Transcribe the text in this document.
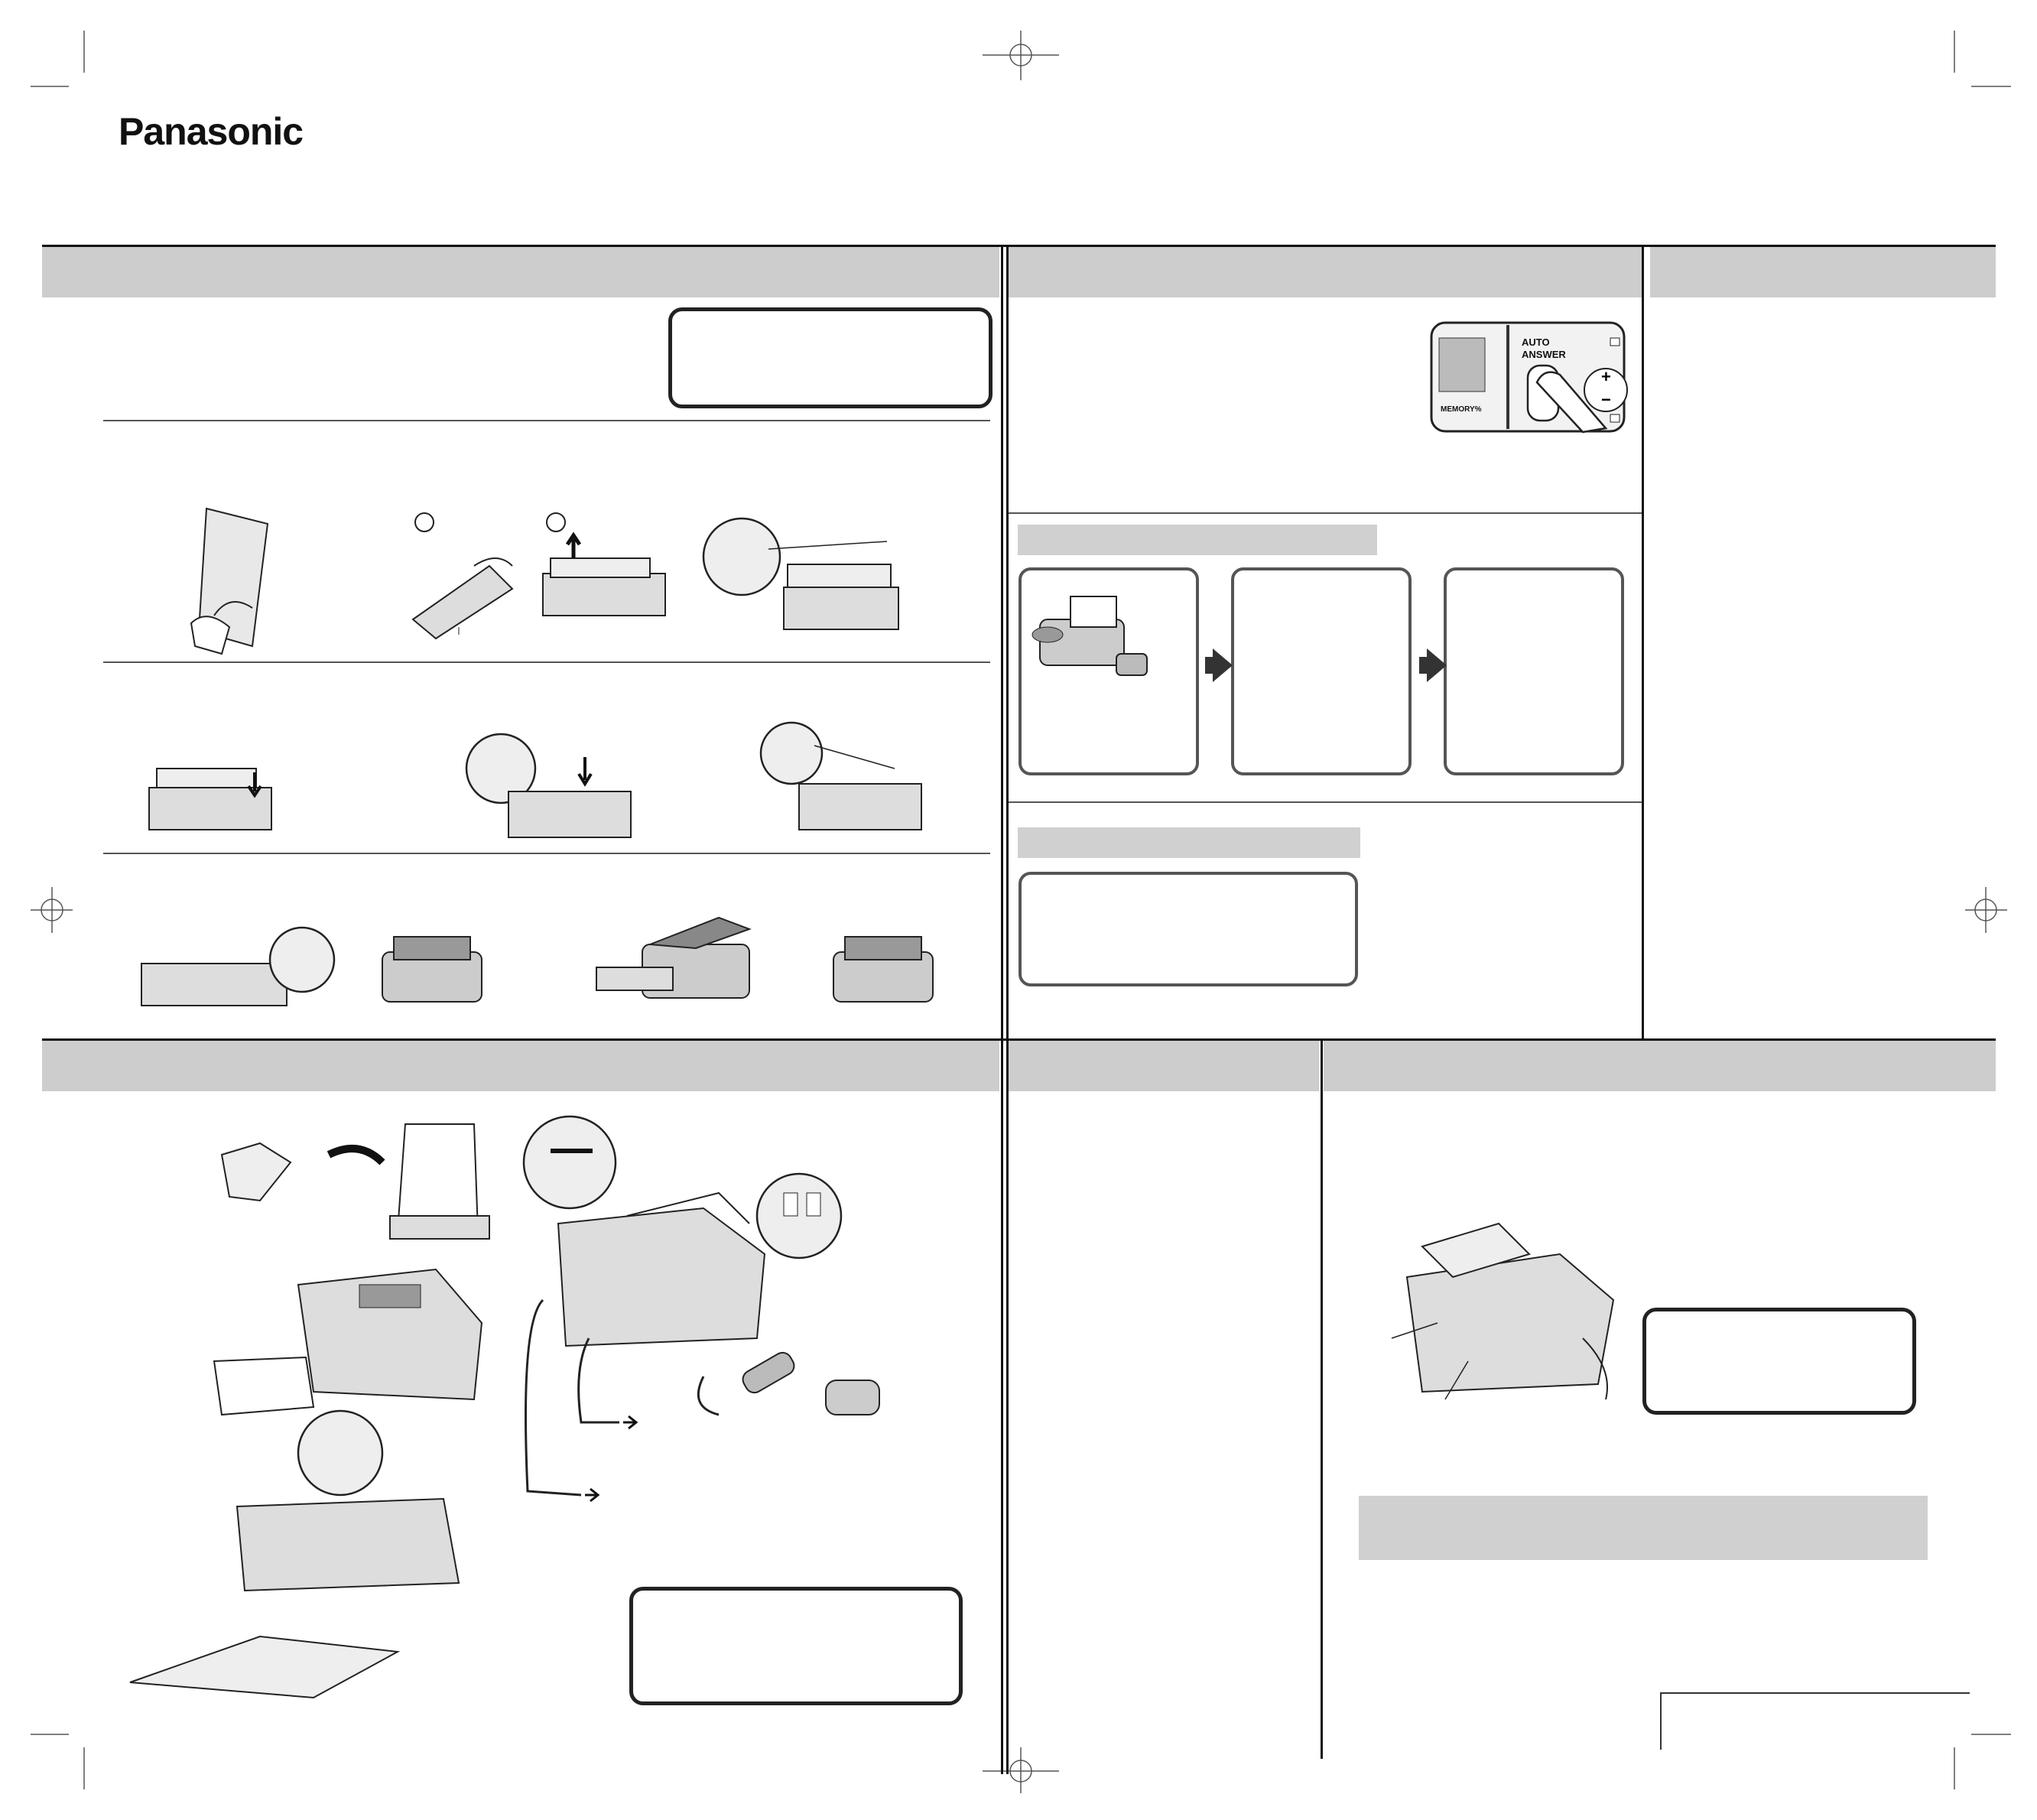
Panasonic
AUTO
ANSWER
MEMORY%
+
−
